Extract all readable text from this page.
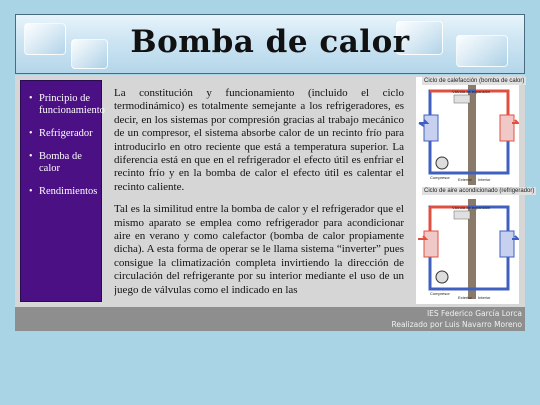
Bomba de calor
• Principio de funcionamiento
• Refrigerador
• Bomba de calor
• Rendimientos

La constitución y funcionamiento (incluido el ciclo termodinámico) es totalmente semejante a los refrigeradores, es decir, en los sistemas por compresión gracias al trabajo mecánico de un compresor, el sistema absorbe calor de un recinto frío para introducirlo en otro reciente que está a temperatura superior. La diferencia está en que en el refrigerador el efecto útil es enfriar el recinto frío y en la bomba de calor el efecto útil es calentar el recinto caliente.

Tal es la similitud entre la bomba de calor y el refrigerador que el mismo aparato se emplea como refrigerador para acondicionar aire en verano y como calefactor (bomba de calor propiamente dicha). A esta forma de operar se le llama sistema “inverter” pues consigue la climatización completa invirtiendo la dirección de circulación del refrigerante por su interior mediante el uso de un juego de válvulas como el indicado en las

Válvula de expansión
Compresor Exterior Interior
Válvula de expansión
Compresor
Exterior Interior
Ciclo de calefacción (bomba de calor)
Ciclo de aire acondicionado (refrigerador)
IES Federico García Lorca
Realizado por Luis Navarro Moreno
